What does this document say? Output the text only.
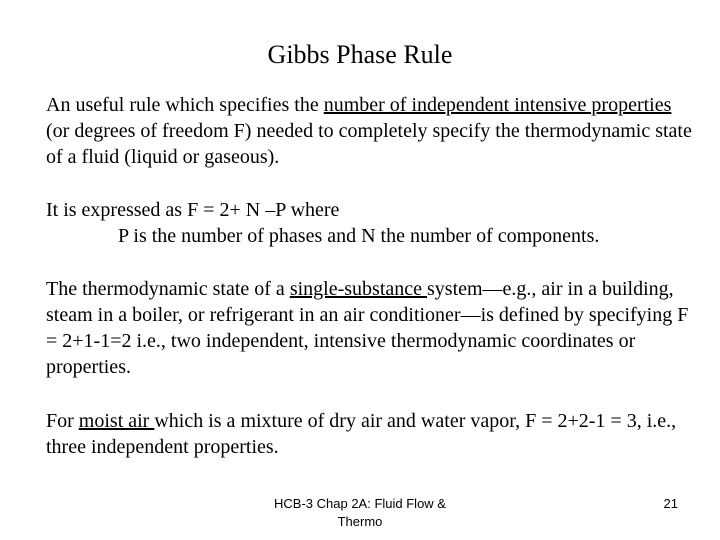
Gibbs Phase Rule

An useful rule which specifies the number of independent intensive properties (or degrees of freedom F) needed to completely specify the thermodynamic state of a fluid (liquid or gaseous).

It is expressed as F = 2+ N –P where
P is the number of phases and N the number of components.

The thermodynamic state of a single-substance system—e.g., air in a building, steam in a boiler, or refrigerant in an air conditioner—is defined by specifying F = 2+1-1=2 i.e., two independent, intensive thermodynamic coordinates or properties.

For moist air which is a mixture of dry air and water vapor, F = 2+2-1 = 3, i.e., three independent properties.

HCB-3 Chap 2A: Fluid Flow & Thermo
21
